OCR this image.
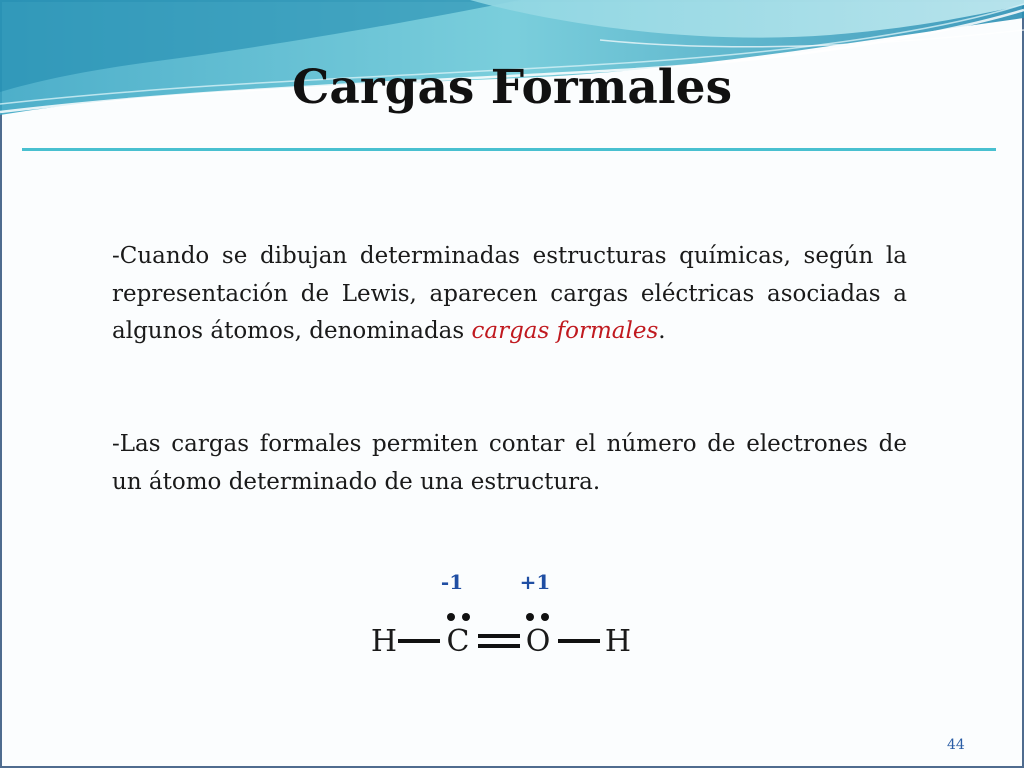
Cargas Formales

-Cuando se dibujan determinadas estructuras químicas, según la representación de Lewis, aparecen cargas eléctricas asociadas a algunos átomos, denominadas cargas formales.

-Las cargas formales permiten contar el número de electrones de un átomo determinado de una estructura.

-1	+1
H C O H
44
